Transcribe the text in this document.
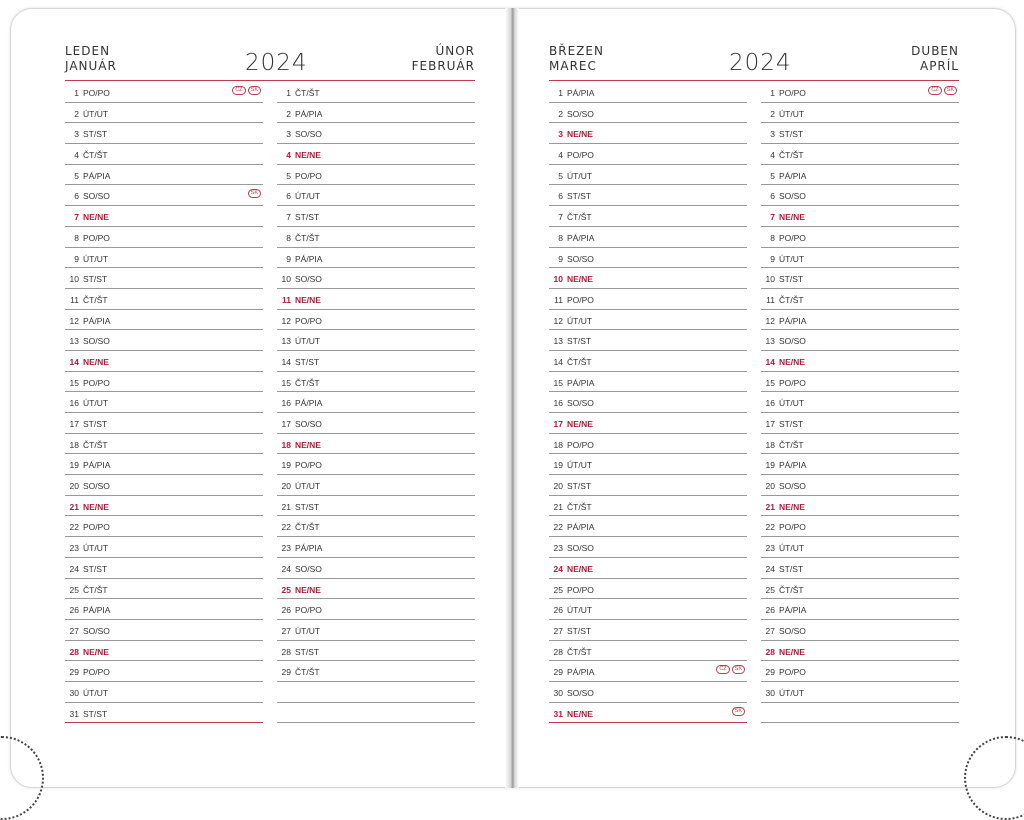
LEDEN
JANUÁR	2024	ÚNOR
FEBRUÁR
BŘEZEN
MAREC	2024	DUBEN
APRÍL
1 PO/PO	CZ	SK
2 ÚT/UT
3 ST/ST
4 ČT/ŠT
5 PÁ/PIA
6 SO/SO	SK
7 NE/NE
8 PO/PO
9 ÚT/UT
10 ST/ST
11 ČT/ŠT
12 PÁ/PIA
13 SO/SO
14 NE/NE
15 PO/PO
16 ÚT/UT
17 ST/ST
18 ČT/ŠT
19 PÁ/PIA
20 SO/SO
21 NE/NE
22 PO/PO
23 ÚT/UT
24 ST/ST
25 ČT/ŠT
26 PÁ/PIA
27 SO/SO
28 NE/NE
29 PO/PO
30 ÚT/UT
31 ST/ST
1 ČT/ŠT
2 PÁ/PIA
3 SO/SO
4 NE/NE
5 PO/PO
6 ÚT/UT
7 ST/ST
8 ČT/ŠT
9 PÁ/PIA
10 SO/SO
11 NE/NE
12 PO/PO
13 ÚT/UT
14 ST/ST
15 ČT/ŠT
16 PÁ/PIA
17 SO/SO
18 NE/NE
19 PO/PO
20 ÚT/UT
21 ST/ST
22 ČT/ŠT
23 PÁ/PIA
24 SO/SO
25 NE/NE
26 PO/PO
27 ÚT/UT
28 ST/ST
29 ČT/ŠT
1 PÁ/PIA
2 SO/SO
3 NE/NE
4 PO/PO
5 ÚT/UT
6 ST/ST
7 ČT/ŠT
8 PÁ/PIA
9 SO/SO
10 NE/NE
11 PO/PO
12 ÚT/UT
13 ST/ST
14 ČT/ŠT
15 PÁ/PIA
16 SO/SO
17 NE/NE
18 PO/PO
19 ÚT/UT
20 ST/ST
21 ČT/ŠT
22 PÁ/PIA
23 SO/SO
24 NE/NE
25 PO/PO
26 ÚT/UT
27 ST/ST
28 ČT/ŠT
29 PÁ/PIA	CZ	SK
30 SO/SO
31 NE/NE	SK
1 PO/PO	CZ	SK
2 ÚT/UT
3 ST/ST
4 ČT/ŠT
5 PÁ/PIA
6 SO/SO
7 NE/NE
8 PO/PO
9 ÚT/UT
10 ST/ST
11 ČT/ŠT
12 PÁ/PIA
13 SO/SO
14 NE/NE
15 PO/PO
16 ÚT/UT
17 ST/ST
18 ČT/ŠT
19 PÁ/PIA
20 SO/SO
21 NE/NE
22 PO/PO
23 ÚT/UT
24 ST/ST
25 ČT/ŠT
26 PÁ/PIA
27 SO/SO
28 NE/NE
29 PO/PO
30 ÚT/UT
